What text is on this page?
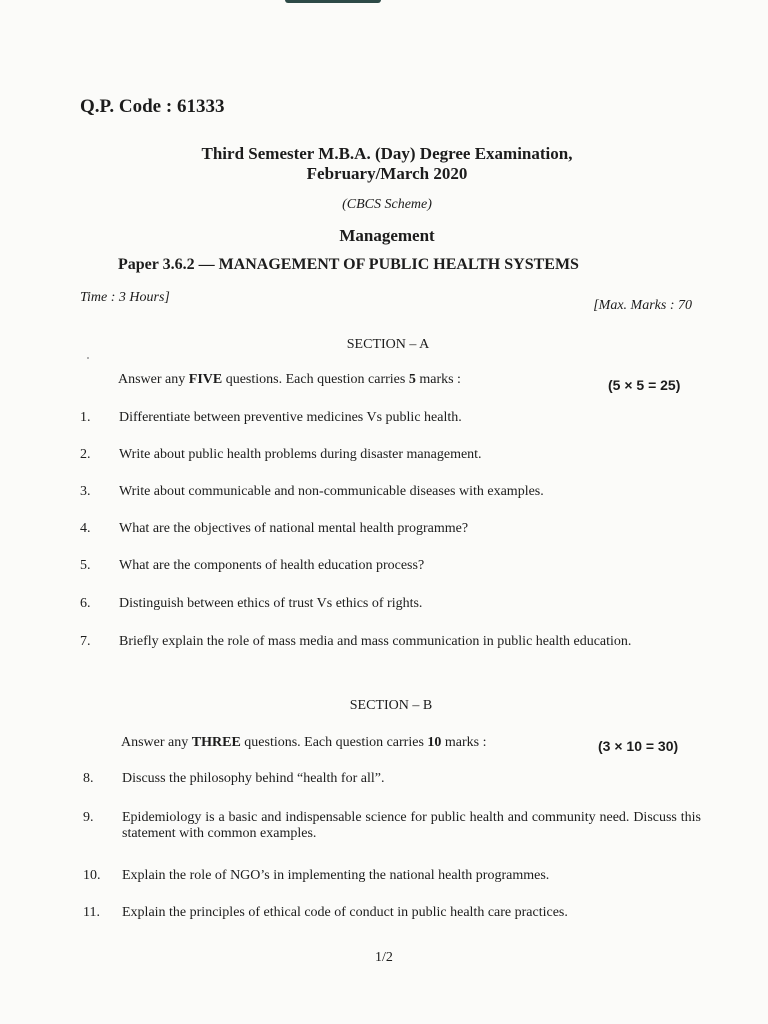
Q.P. Code : 61333
Third Semester M.B.A. (Day) Degree Examination,
February/March 2020
(CBCS Scheme)
Management
Paper 3.6.2 — MANAGEMENT OF PUBLIC HEALTH SYSTEMS
Time : 3 Hours]
[Max. Marks : 70
SECTION – A
Answer any FIVE questions. Each question carries 5 marks :	(5 × 5 = 25)
1.	Differentiate between preventive medicines Vs public health.
2.	Write about public health problems during disaster management.
3.	Write about communicable and non-communicable diseases with examples.
4.	What are the objectives of national mental health programme?
5.	What are the components of health education process?
6.	Distinguish between ethics of trust Vs ethics of rights.
7.	Briefly explain the role of mass media and mass communication in public health education.
SECTION – B
Answer any THREE questions. Each question carries 10 marks :	(3 × 10 = 30)
8.	Discuss the philosophy behind “health for all”.
9.	Epidemiology is a basic and indispensable science for public health and community need. Discuss this statement with common examples.
10.	Explain the role of NGO’s in implementing the national health programmes.
11.	Explain the principles of ethical code of conduct in public health care practices.
1/2
